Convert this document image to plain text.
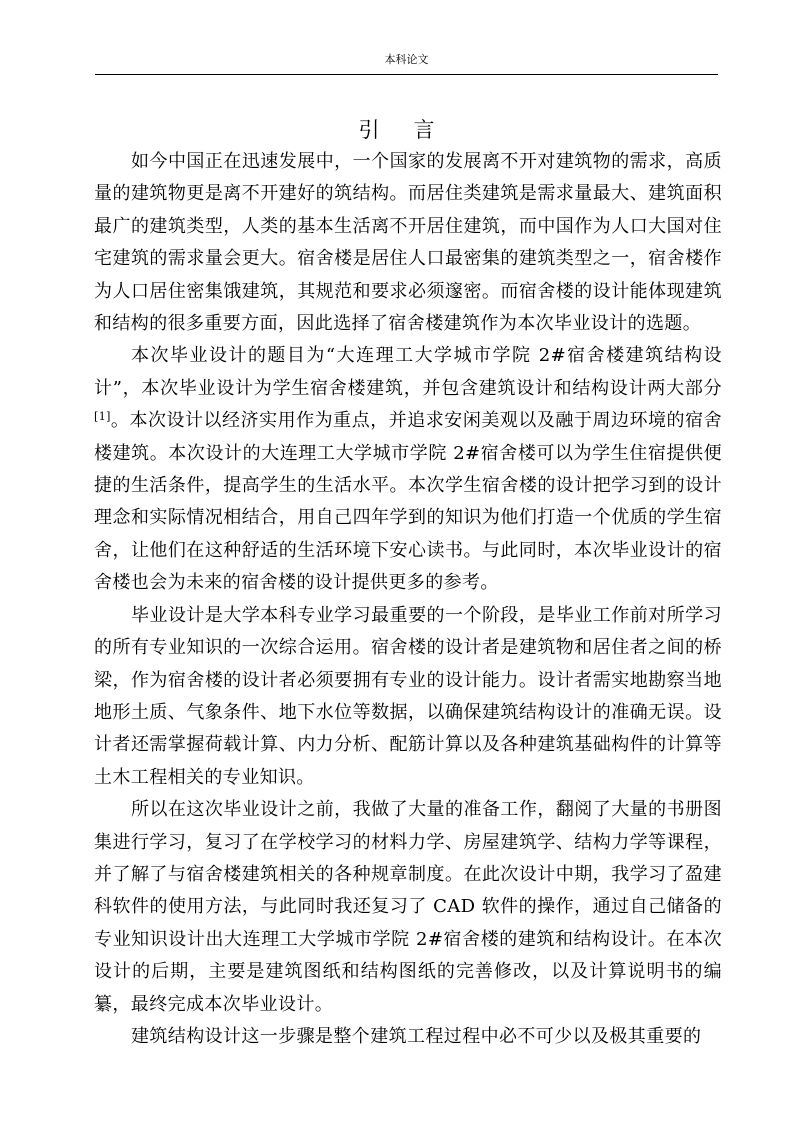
本科论文
引言

如今中国正在迅速发展中，一个国家的发展离不开对建筑物的需求，高质量的建筑物更是离不开建好的筑结构。而居住类建筑是需求量最大、建筑面积最广的建筑类型，人类的基本生活离不开居住建筑，而中国作为人口大国对住宅建筑的需求量会更大。宿舍楼是居住人口最密集的建筑类型之一，宿舍楼作为人口居住密集饿建筑，其规范和要求必须邃密。而宿舍楼的设计能体现建筑和结构的很多重要方面，因此选择了宿舍楼建筑作为本次毕业设计的选题。

本次毕业设计的题目为“大连理工大学城市学院 2#宿舍楼建筑结构设计”，本次毕业设计为学生宿舍楼建筑，并包含建筑设计和结构设计两大部分[1]。本次设计以经济实用作为重点，并追求安闲美观以及融于周边环境的宿舍楼建筑。本次设计的大连理工大学城市学院 2#宿舍楼可以为学生住宿提供便捷的生活条件，提高学生的生活水平。本次学生宿舍楼的设计把学习到的设计理念和实际情况相结合，用自己四年学到的知识为他们打造一个优质的学生宿舍，让他们在这种舒适的生活环境下安心读书。与此同时，本次毕业设计的宿舍楼也会为未来的宿舍楼的设计提供更多的参考。

毕业设计是大学本科专业学习最重要的一个阶段，是毕业工作前对所学习的所有专业知识的一次综合运用。宿舍楼的设计者是建筑物和居住者之间的桥梁，作为宿舍楼的设计者必须要拥有专业的设计能力。设计者需实地勘察当地地形土质、气象条件、地下水位等数据，以确保建筑结构设计的准确无误。设计者还需掌握荷载计算、内力分析、配筋计算以及各种建筑基础构件的计算等土木工程相关的专业知识。

所以在这次毕业设计之前，我做了大量的准备工作，翻阅了大量的书册图集进行学习，复习了在学校学习的材料力学、房屋建筑学、结构力学等课程，并了解了与宿舍楼建筑相关的各种规章制度。在此次设计中期，我学习了盈建科软件的使用方法，与此同时我还复习了 CAD 软件的操作，通过自己储备的专业知识设计出大连理工大学城市学院 2#宿舍楼的建筑和结构设计。在本次设计的后期，主要是建筑图纸和结构图纸的完善修改，以及计算说明书的编纂，最终完成本次毕业设计。

建筑结构设计这一步骤是整个建筑工程过程中必不可少以及极其重要的
